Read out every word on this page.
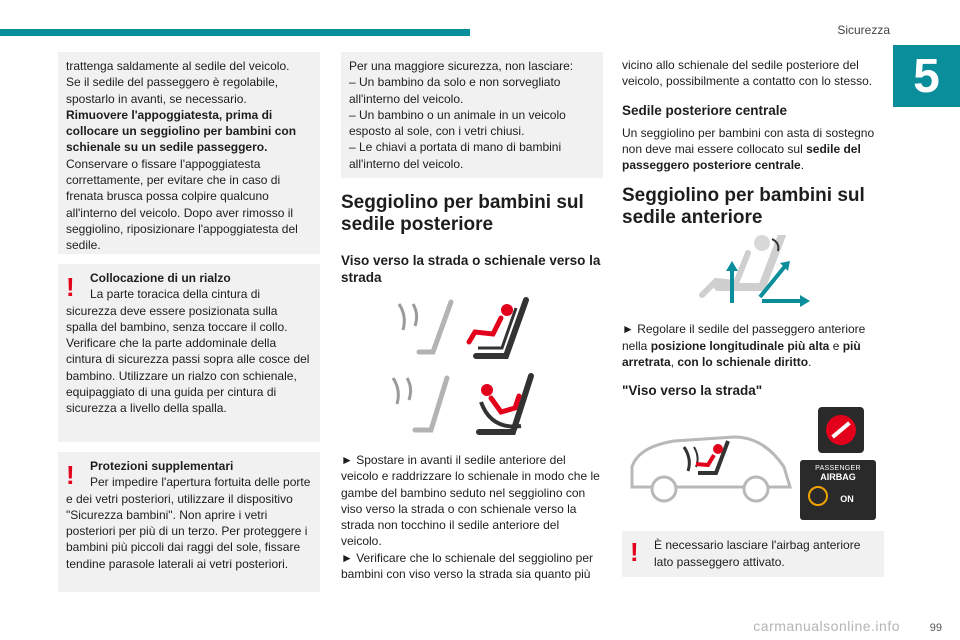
Sicurezza
5

trattenga saldamente al sedile del veicolo.

Se il sedile del passeggero è regolabile, spostarlo in avanti, se necessario.

Rimuovere l'appoggiatesta, prima di collocare un seggiolino per bambini con schienale su un sedile passeggero.

Conservare o fissare l'appoggiatesta correttamente, per evitare che in caso di frenata brusca possa colpire qualcuno all'interno del veicolo. Dopo aver rimosso il seggiolino, riposizionare l'appoggiatesta del sedile.

! Collocazione di un rialzo

La parte toracica della cintura di sicurezza deve essere posizionata sulla spalla del bambino, senza toccare il collo. Verificare che la parte addominale della cintura di sicurezza passi sopra alle cosce del bambino. Utilizzare un rialzo con schienale, equipaggiato di una guida per cintura di sicurezza a livello della spalla.

! Protezioni supplementari

Per impedire l'apertura fortuita delle porte e dei vetri posteriori, utilizzare il dispositivo "Sicurezza bambini". Non aprire i vetri posteriori per più di un terzo. Per proteggere i bambini più piccoli dai raggi del sole, fissare tendine parasole laterali ai vetri posteriori.

Per una maggiore sicurezza, non lasciare:

– Un bambino da solo e non sorvegliato all'interno del veicolo.

– Un bambino o un animale in un veicolo esposto al sole, con i vetri chiusi.

– Le chiavi a portata di mano di bambini all'interno del veicolo.

Seggiolino per bambini sul sedile posteriore
Viso verso la strada o schienale verso la strada

► Spostare in avanti il sedile anteriore del veicolo e raddrizzare lo schienale in modo che le gambe del bambino seduto nel seggiolino con viso verso la strada o con schienale verso la strada non tocchino il sedile anteriore del veicolo.

► Verificare che lo schienale del seggiolino per bambini con viso verso la strada sia quanto più

vicino allo schienale del sedile posteriore del veicolo, possibilmente a contatto con lo stesso.

Sedile posteriore centrale

Un seggiolino per bambini con asta di sostegno non deve mai essere collocato sul sedile del passeggero posteriore centrale.

Seggiolino per bambini sul sedile anteriore

► Regolare il sedile del passeggero anteriore nella posizione longitudinale più alta e più arretrata, con lo schienale diritto.

"Viso verso la strada"
PASSENGER
AIRBAG
ON
! È necessario lasciare l'airbag anteriore lato passeggero attivato.

99
carmanualsonline.info
